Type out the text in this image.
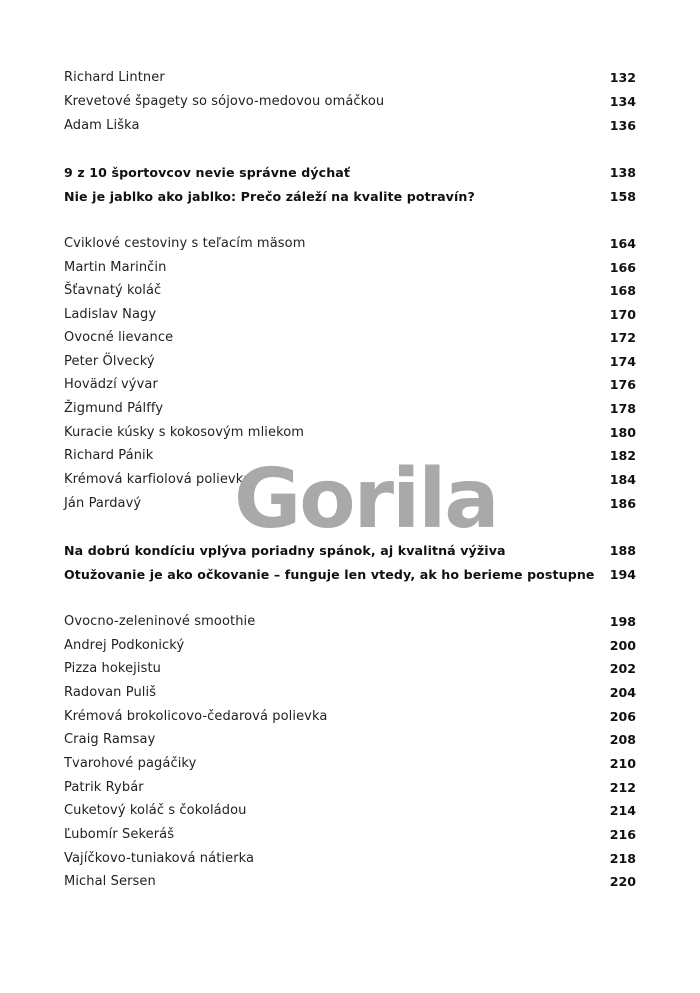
Richard Lintner	132
Krevetové špagety so sójovo-medovou omáčkou	134
Adam Liška	136
9 z 10 športovcov nevie správne dýchať	138
Nie je jablko ako jablko: Prečo záleží na kvalite potravín?	158
Cviklové cestoviny s teľacím mäsom	164
Martin Marinčin	166
Šťavnatý koláč	168
Ladislav Nagy	170
Ovocné lievance	172
Peter Ölvecký	174
Hovädzí vývar	176
Žigmund Pálffy	178
Kuracie kúsky s kokosovým mliekom	180
Richard Pánik	182
Krémová karfiolová polievka	184
Ján Pardavý	186
Na dobrú kondíciu vplýva poriadny spánok, aj kvalitná výživa	188
Otužovanie je ako očkovanie – funguje len vtedy, ak ho berieme postupne 194
Ovocno-zeleninové smoothie	198
Andrej Podkonický	200
Pizza hokejistu	202
Radovan Puliš	204
Krémová brokolicovo-čedarová polievka	206
Craig Ramsay	208
Tvarohové pagáčiky	210
Patrik Rybár	212
Cuketový koláč s čokoládou	214
Ľubomír Sekeráš	216
Vajíčkovo-tuniaková nátierka	218
Michal Sersen	220
Gorila
